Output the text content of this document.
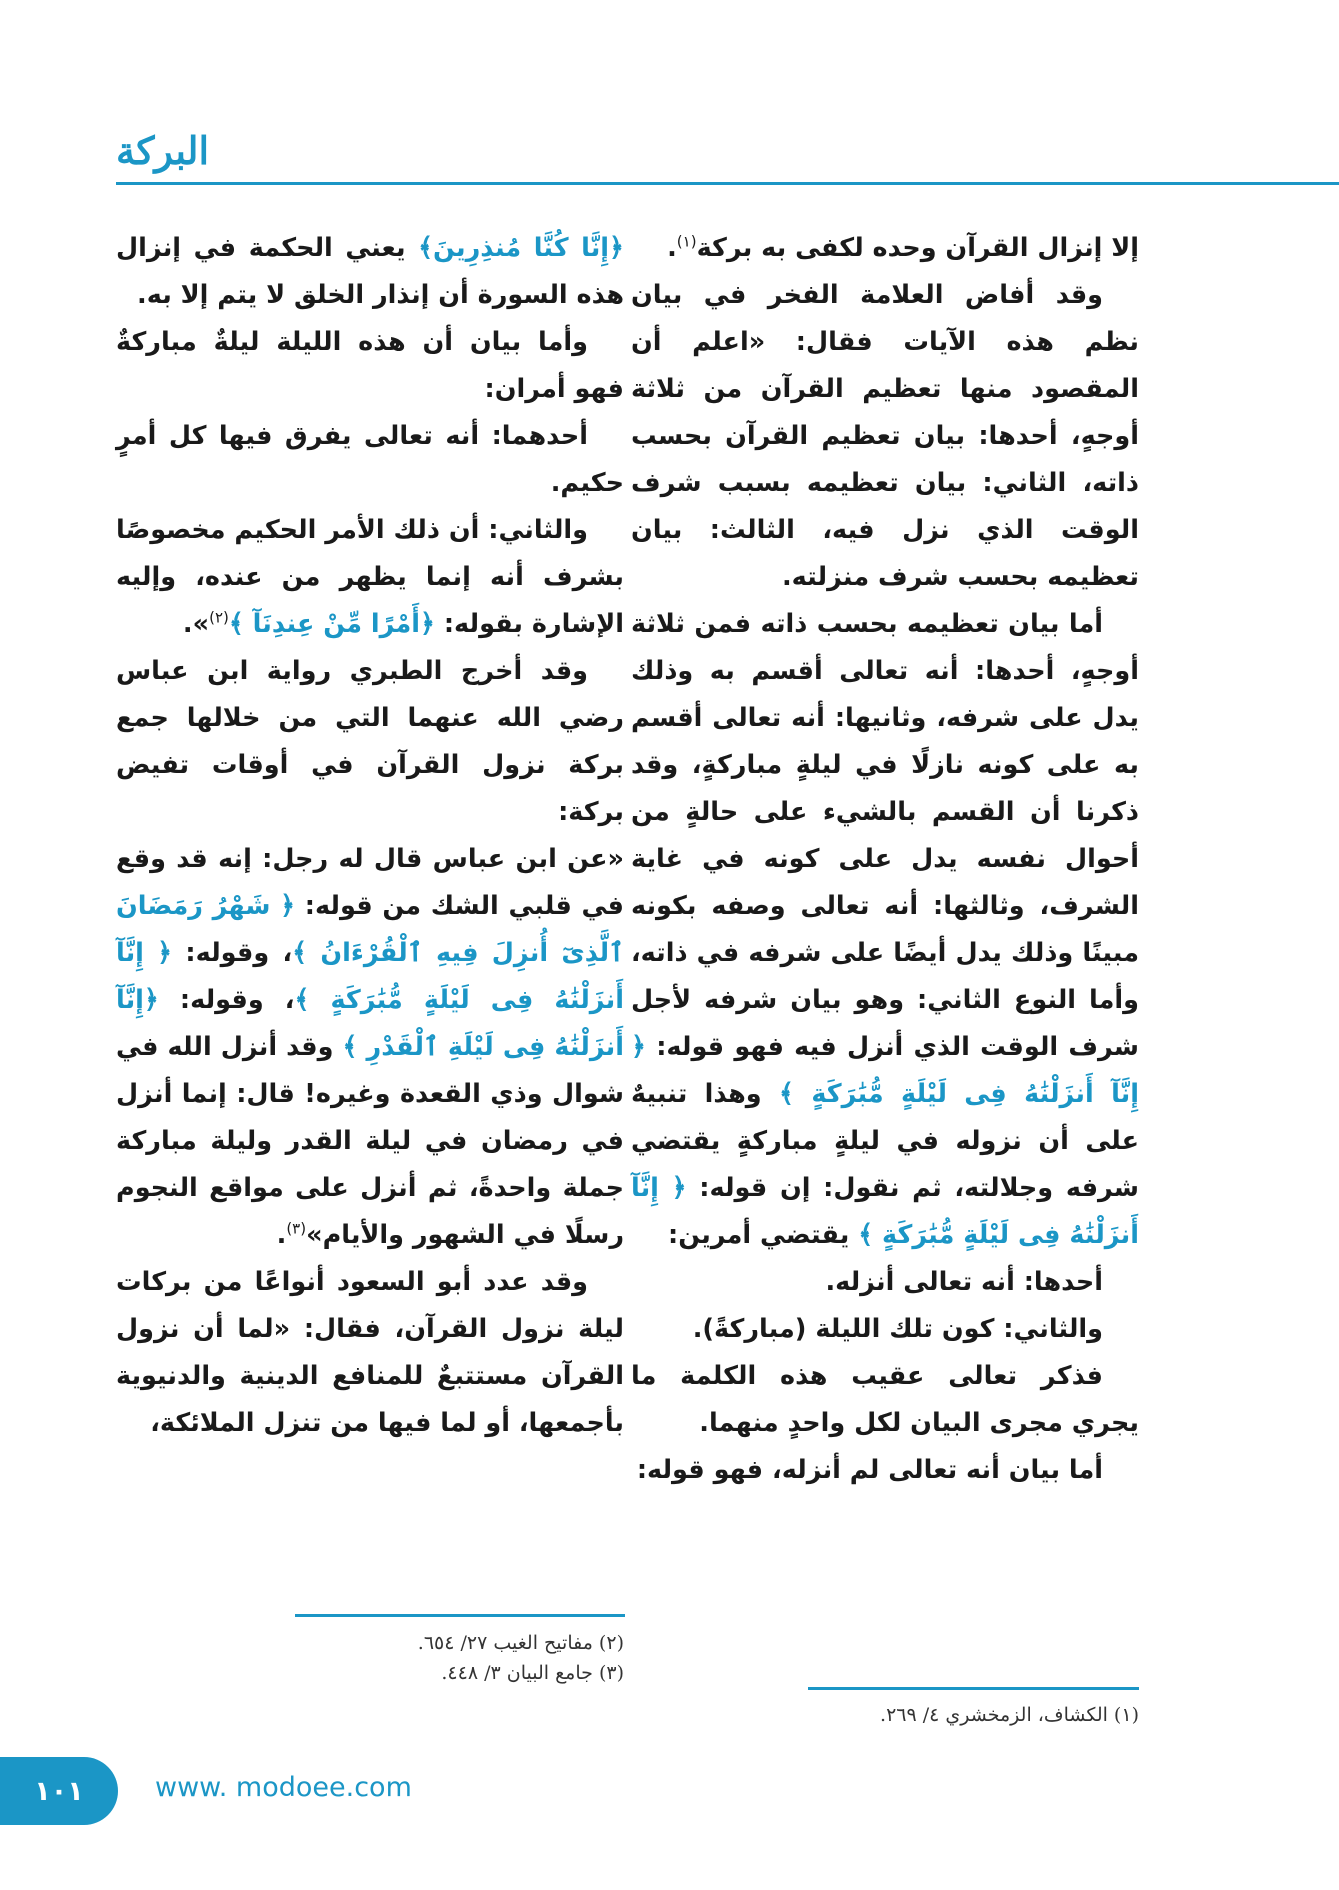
البركة

إلا إنزال القرآن وحده لكفى به بركة$^{(١)}$.

وقد أفاض العلامة الفخر في بيان نظم هذه الآيات فقال: «اعلم أن المقصود منها تعظيم القرآن من ثلاثة أوجهٍ، أحدها: بيان تعظيم القرآن بحسب ذاته، الثاني: بيان تعظيمه بسبب شرف الوقت الذي نزل فيه، الثالث: بيان تعظيمه بحسب شرف منزلته.

أما بيان تعظيمه بحسب ذاته فمن ثلاثة أوجهٍ، أحدها: أنه تعالى أقسم به وذلك يدل على شرفه، وثانيها: أنه تعالى أقسم به على كونه نازلًا في ليلةٍ مباركةٍ، وقد ذكرنا أن القسم بالشيء على حالةٍ من أحوال نفسه يدل على كونه في غاية الشرف، وثالثها: أنه تعالى وصفه بكونه مبينًا وذلك يدل أيضًا على شرفه في ذاته، وأما النوع الثاني: وهو بيان شرفه لأجل شرف الوقت الذي أنزل فيه فهو قوله: ﴿ إِنَّآ أَنزَلْنَٰهُ فِى لَيْلَةٍ مُّبَٰرَكَةٍ ﴾ وهذا تنبيهٌ على أن نزوله في ليلةٍ مباركةٍ يقتضي شرفه وجلالته، ثم نقول: إن قوله: ﴿ إِنَّآ أَنزَلْنَٰهُ فِى لَيْلَةٍ مُّبَٰرَكَةٍ ﴾ يقتضي أمرين:

أحدها: أنه تعالى أنزله.

والثاني: كون تلك الليلة (مباركةً).

فذكر تعالى عقيب هذه الكلمة ما يجري مجرى البيان لكل واحدٍ منهما.

أما بيان أنه تعالى لم أنزله، فهو قوله:

﴿إِنَّا كُنَّا مُنذِرِينَ﴾ يعني الحكمة في إنزال هذه السورة أن إنذار الخلق لا يتم إلا به.

وأما بيان أن هذه الليلة ليلةٌ مباركةٌ فهو أمران:

أحدهما: أنه تعالى يفرق فيها كل أمرٍ حكيم.

والثاني: أن ذلك الأمر الحكيم مخصوصًا بشرف أنه إنما يظهر من عنده، وإليه الإشارة بقوله: ﴿أَمْرًا مِّنْ عِندِنَآ ﴾$^{(٢)}$».

وقد أخرج الطبري رواية ابن عباس رضي الله عنهما التي من خلالها جمع بركة نزول القرآن في أوقات تفيض بركة:

«عن ابن عباس قال له رجل: إنه قد وقع في قلبي الشك من قوله: ﴿ شَهْرُ رَمَضَانَ ٱلَّذِىٓ أُنزِلَ فِيهِ ٱلْقُرْءَانُ ﴾، وقوله: ﴿ إِنَّآ أَنزَلْنَٰهُ فِى لَيْلَةٍ مُّبَٰرَكَةٍ ﴾، وقوله: ﴿إِنَّآ أَنزَلْنَٰهُ فِى لَيْلَةِ ٱلْقَدْرِ ﴾ وقد أنزل الله في شوال وذي القعدة وغيره! قال: إنما أنزل في رمضان في ليلة القدر وليلة مباركة جملة واحدةً، ثم أنزل على مواقع النجوم رسلًا في الشهور والأيام»$^{(٣)}$.

وقد عدد أبو السعود أنواعًا من بركات ليلة نزول القرآن، فقال: «لما أن نزول القرآن مستتبعٌ للمنافع الدينية والدنيوية بأجمعها، أو لما فيها من تنزل الملائكة،

(٢) مفاتيح الغيب ٢٧/ ٦٥٤.
(٣) جامع البيان ٣/ ٤٤٨.
(١) الكشاف، الزمخشري ٤/ ٢٦٩.
١٠١	www. modoee.com
